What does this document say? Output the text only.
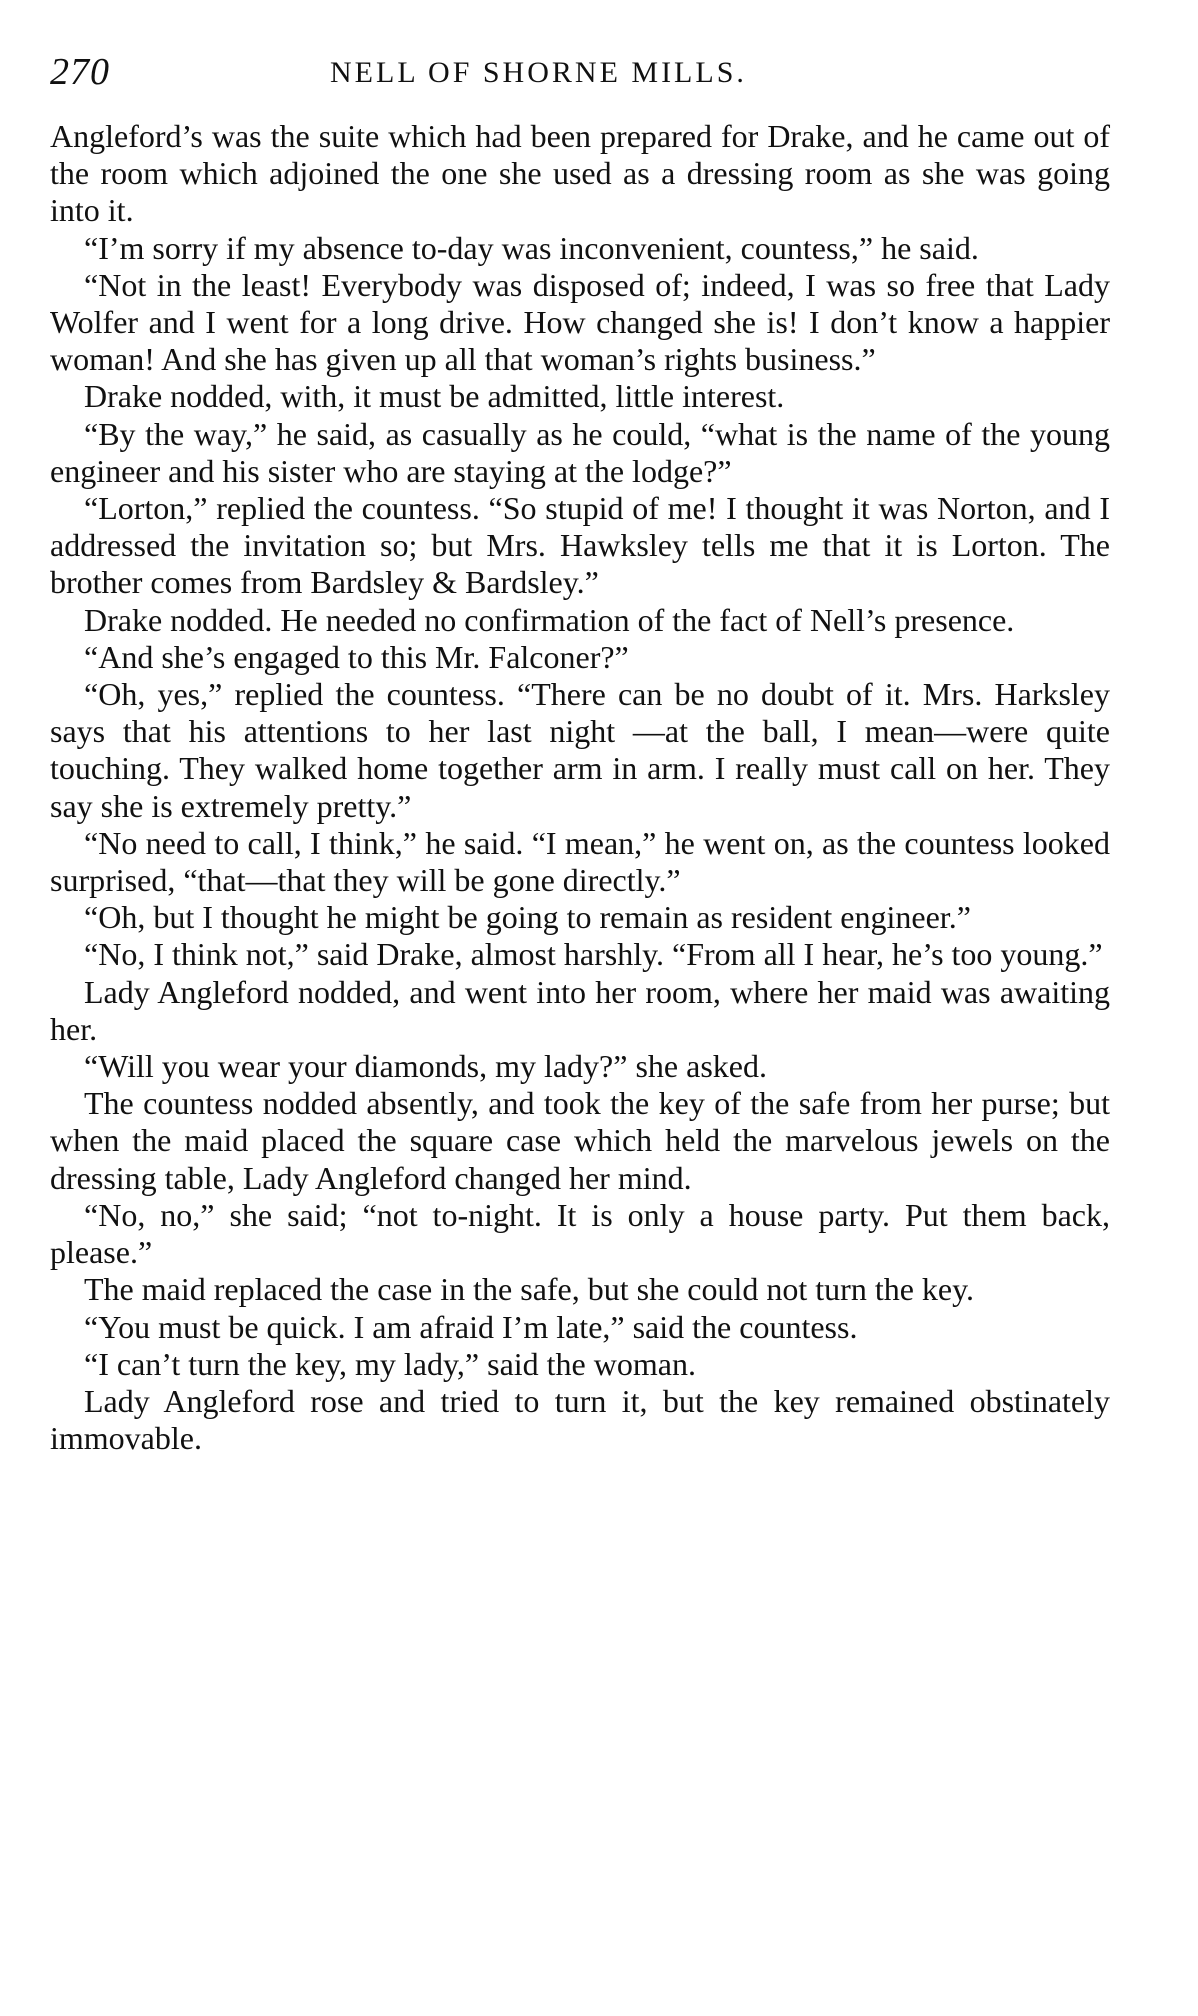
270	NELL OF SHORNE MILLS.

Angleford’s was the suite which had been prepared for Drake, and he came out of the room which adjoined the one she used as a dressing room as she was going into it.

“I’m sorry if my absence to-day was inconvenient, countess,” he said.

“Not in the least! Everybody was disposed of; indeed, I was so free that Lady Wolfer and I went for a long drive. How changed she is! I don’t know a happier woman! And she has given up all that woman’s rights business.”

Drake nodded, with, it must be admitted, little interest.

“By the way,” he said, as casually as he could, “what is the name of the young engineer and his sister who are staying at the lodge?”

“Lorton,” replied the countess. “So stupid of me! I thought it was Norton, and I addressed the invitation so; but Mrs. Hawksley tells me that it is Lorton. The brother comes from Bardsley & Bardsley.”

Drake nodded. He needed no confirmation of the fact of Nell’s presence.

“And she’s engaged to this Mr. Falconer?”

“Oh, yes,” replied the countess. “There can be no doubt of it. Mrs. Harksley says that his attentions to her last night —at the ball, I mean—were quite touching. They walked home together arm in arm. I really must call on her. They say she is extremely pretty.”

“No need to call, I think,” he said. “I mean,” he went on, as the countess looked surprised, “that—that they will be gone directly.”

“Oh, but I thought he might be going to remain as resident engineer.”

“No, I think not,” said Drake, almost harshly. “From all I hear, he’s too young.”

Lady Angleford nodded, and went into her room, where her maid was awaiting her.

“Will you wear your diamonds, my lady?” she asked.

The countess nodded absently, and took the key of the safe from her purse; but when the maid placed the square case which held the marvelous jewels on the dressing table, Lady Angleford changed her mind.

“No, no,” she said; “not to-night. It is only a house party. Put them back, please.”

The maid replaced the case in the safe, but she could not turn the key.

“You must be quick. I am afraid I’m late,” said the countess.

“I can’t turn the key, my lady,” said the woman.

Lady Angleford rose and tried to turn it, but the key remained obstinately immovable.
